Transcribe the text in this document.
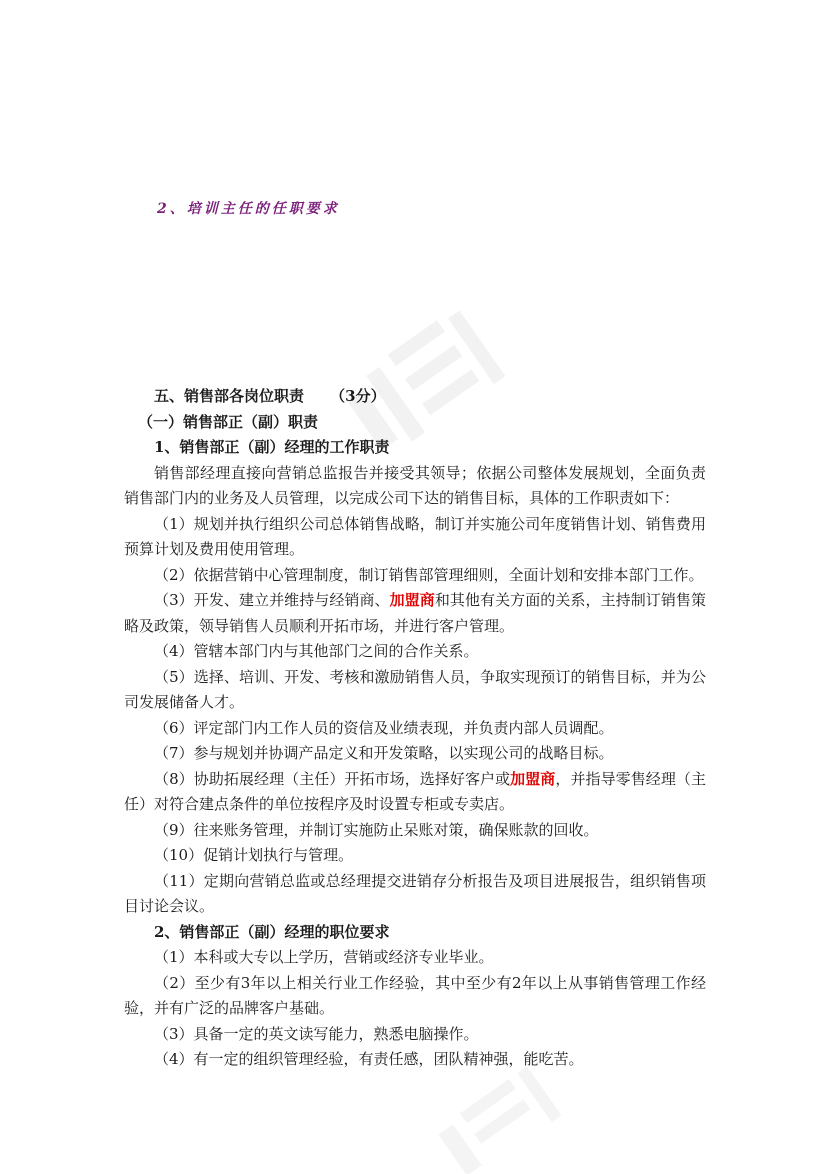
2、培训主任的任职要求

五、销售部各岗位职责 （3分）

（一）销售部正（副）职责

1、销售部正（副）经理的工作职责

销售部经理直接向营销总监报告并接受其领导；依据公司整体发展规划，全面负责销售部门内的业务及人员管理，以完成公司下达的销售目标，具体的工作职责如下：

（1）规划并执行组织公司总体销售战略，制订并实施公司年度销售计划、销售费用预算计划及费用使用管理。

（2）依据营销中心管理制度，制订销售部管理细则，全面计划和安排本部门工作。

（3）开发、建立并维持与经销商、加盟商和其他有关方面的关系，主持制订销售策略及政策，领导销售人员顺利开拓市场，并进行客户管理。

（4）管辖本部门内与其他部门之间的合作关系。

（5）选择、培训、开发、考核和激励销售人员，争取实现预订的销售目标，并为公司发展储备人才。

（6）评定部门内工作人员的资信及业绩表现，并负责内部人员调配。

（7）参与规划并协调产品定义和开发策略，以实现公司的战略目标。

（8）协助拓展经理（主任）开拓市场，选择好客户或加盟商，并指导零售经理（主任）对符合建点条件的单位按程序及时设置专柜或专卖店。

（9）往来账务管理，并制订实施防止呆账对策，确保账款的回收。

（10）促销计划执行与管理。

（11）定期向营销总监或总经理提交进销存分析报告及项目进展报告，组织销售项目讨论会议。

2、销售部正（副）经理的职位要求

（1）本科或大专以上学历，营销或经济专业毕业。

（2）至少有3年以上相关行业工作经验，其中至少有2年以上从事销售管理工作经验，并有广泛的品牌客户基础。

（3）具备一定的英文读写能力，熟悉电脑操作。

（4）有一定的组织管理经验，有责任感，团队精神强，能吃苦。
